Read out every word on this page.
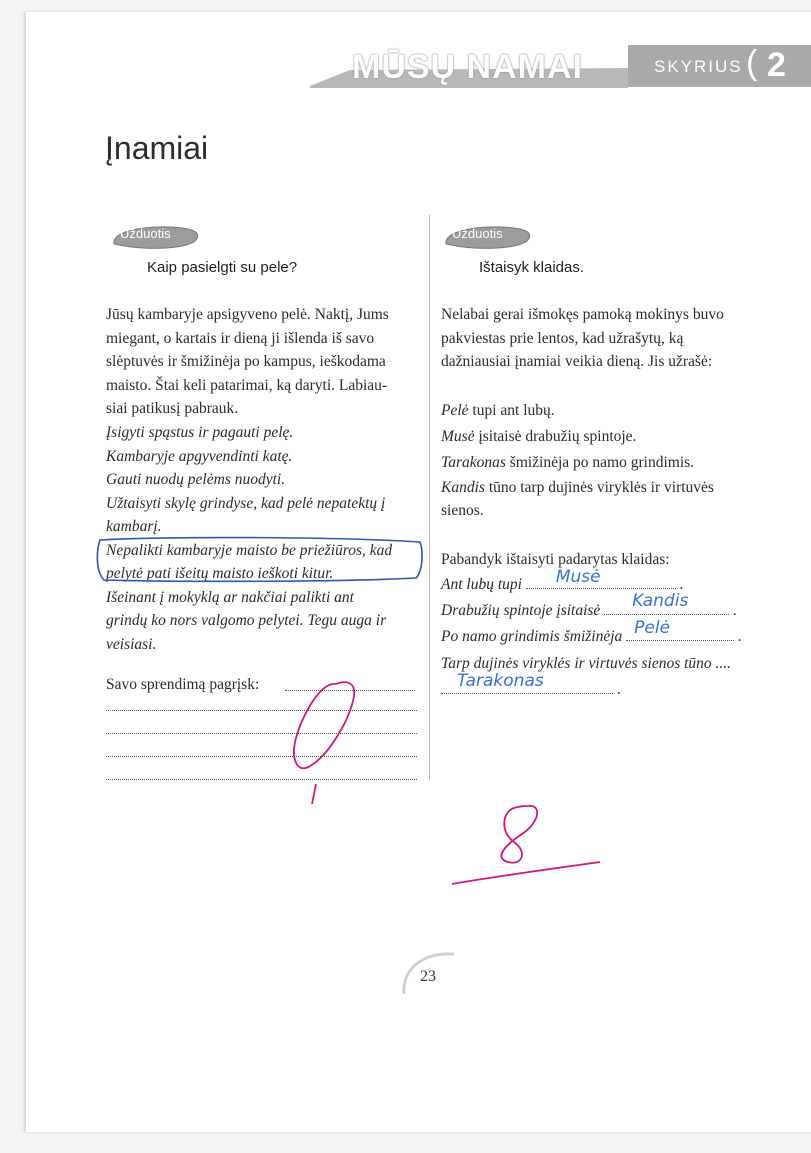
MŪSŲ NAMAI	SKYRIUS ( 2
Įnamiai
Užduotis
Kaip pasielgti su pele?

Jūsų kambaryje apsigyveno pelė. Naktį, Jums

miegant, o kartais ir dieną ji išlenda iš savo

slėptuvės ir šmižinėja po kampus, ieškodama

maisto. Štai keli patarimai, ką daryti. Labiau-

siai patikusį pabrauk.

Įsigyti spąstus ir pagauti pelę.

Kambaryje apgyvendinti katę.

Gauti nuodų pelėms nuodyti.

Užtaisyti skylę grindyse, kad pelė nepatektų į

kambarį.

Nepalikti kambaryje maisto be priežiūros, kad

pelytė pati išeitų maisto ieškoti kitur.

Išeinant į mokyklą ar nakčiai palikti ant

grindų ko nors valgomo pelytei. Tegu auga ir

veisiasi.

Savo sprendimą pagrįsk:
Užduotis
Ištaisyk klaidas.

Nelabai gerai išmokęs pamoką mokinys buvo

pakviestas prie lentos, kad užrašytų, ką

dažniausiai įnamiai veikia dieną. Jis užrašė:

Pelė tupi ant lubų.

Musė įsitaisė drabužių spintoje.

Tarakonas šmižinėja po namo grindimis.

Kandis tūno tarp dujinės viryklės ir virtuvės

sienos.

Pabandyk ištaisyti padarytas klaidas:
Ant lubų tupi Musė	.
Drabužių spintoje įsitaisė Kandis	.
Po namo grindimis šmižinėja Pelė	.
Tarp dujinės viryklės ir virtuvės sienos tūno ....
Tarakonas	.
23
